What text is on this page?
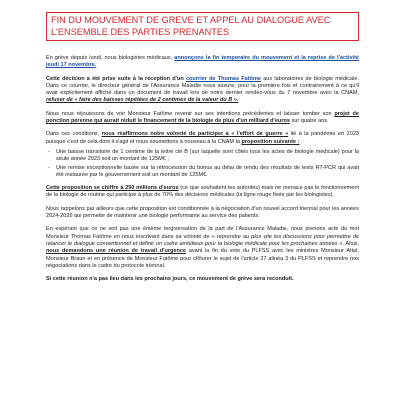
FIN DU MOUVEMENT DE GREVE ET APPEL AU DIALOGUE AVEC L'ENSEMBLE DES PARTIES PRENANTES

En grève depuis lundi, nous biologistes médicaux, annonçons la fin temporaire du mouvement et la reprise de l'activité jeudi 17 novembre.

Cette décision a été prise suite à la réception d'un courrier de Thomas Fatôme aux laboratoires de biologie médicale. Dans ce courrier, le directeur général de l'Assurance Maladie nous assure, pour la première fois et contrairement à ce qu'il avait explicitement affiché dans un document de travail lors de notre dernier rendez-vous du 7 novembre avec la CNAM, refuser de « faire des baisses répétées de 2 centimes de la valeur du B ».

Nous nous réjouissons de voir Monsieur Fatôme revenir sur ses intentions précédentes et laisser tomber son projet de ponction pérenne qui aurait réduit le financement de la biologie de plus d'un milliard d'euros sur quatre ans.

Dans ces conditions, nous réaffirmons notre volonté de participer à « l'effort de guerre » lié à la pandémie en 2023 puisque c'est de cela dont il s'agit et nous soumettons à nouveau à la CNAM la proposition suivante :

- Une baisse transitoire de 1 centime de la lettre clé B (sur laquelle sont côtés tous les actes de biologie médicale) pour la seule année 2023 soit un montant de 125M€ ;
- Une remise exceptionnelle basée sur la rétrocession du bonus au délai de rendu des résultats de tests RT-PCR qui avait été instaurée par le gouvernement soit un montant de 125M€.

Cette proposition se chiffre à 250 millions d'euros (ce que souhaitent les autorités) mais ne menace pas le fonctionnement de la biologie de routine qui participe à plus de 70% des décisions médicales (la ligne rouge fixée par les biologistes).

Nous rappelons par ailleurs que cette proposition est conditionnée à la négociation d'un nouvel accord triennal pour les années 2024-2026 qui permette de maintenir une biologie performante au service des patients.

En espérant que ce ne soit pas une énième tergiversation de la part de l'Assurance Maladie, nous prenons acte du mot Monsieur Thomas Fatôme en nous inscrivant dans sa volonté de « reprendre au plus vite les discussions pour permettre de relancer le dialogue conventionnel et définir un cadre ambitieux pour la biologie médicale pour les prochaines années ». Ainsi, nous demandons une réunion de travail d'urgence avant la fin du vote du PLFSS avec les ministres Monsieur Attal, Monsieur Braun et en présence de Monsieur Fatôme pour clôturer le sujet de l'article 27 alinéa 3 du PLFSS et reprendre nos négociations dans le cadre du protocole triennal.

Si cette réunion n'a pas lieu dans les prochains jours, ce mouvement de grève sera reconduit.
